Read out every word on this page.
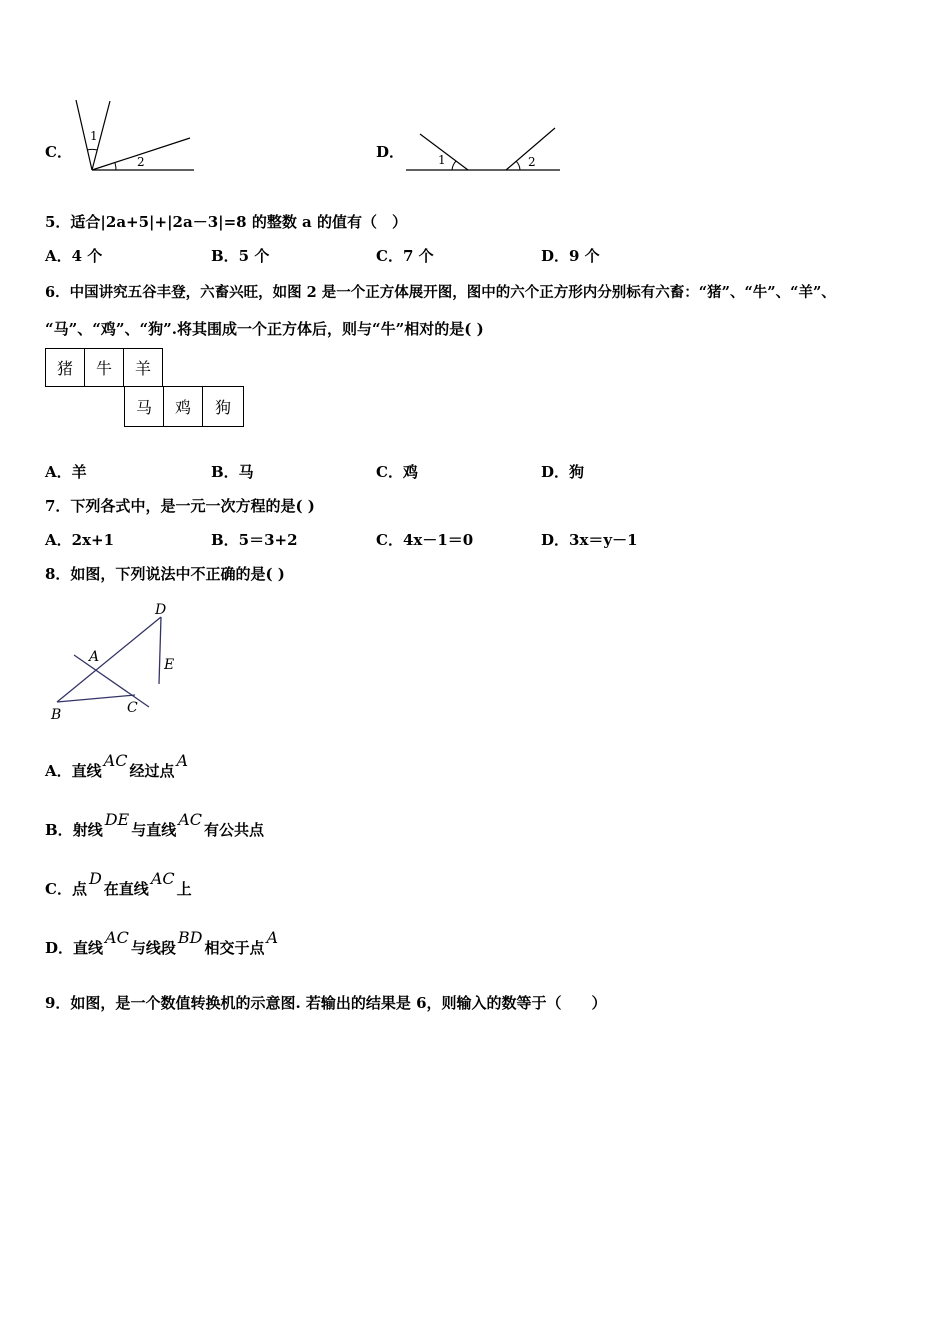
C．
1
2
D．	1	2
5．适合|2a+5|+|2a－3|=8 的整数 a 的值有（　）
A．4 个	B．5 个	C．7 个	D．9 个
6．中国讲究五谷丰登，六畜兴旺，如图 2 是一个正方体展开图，图中的六个正方形内分别标有六畜：“猪”、“牛”、“羊”、
“马”、“鸡”、“狗”.将其围成一个正方体后，则与“牛”相对的是( )
猪	牛	羊
马	鸡	狗
A．羊	B．马	C．鸡	D．狗
7．下列各式中，是一元一次方程的是( )
A．2x+1	B．5＝3+2	C．4x－1＝0	D．3x＝y－1
8．如图，下列说法中不正确的是( )
D
A	E
B	C
A．直线AC经过点A
B．射线DE与直线AC有公共点
C．点D在直线AC上
D．直线AC与线段BD相交于点A
9．如图，是一个数值转换机的示意图. 若输出的结果是 6，则输入的数等于（　　）
